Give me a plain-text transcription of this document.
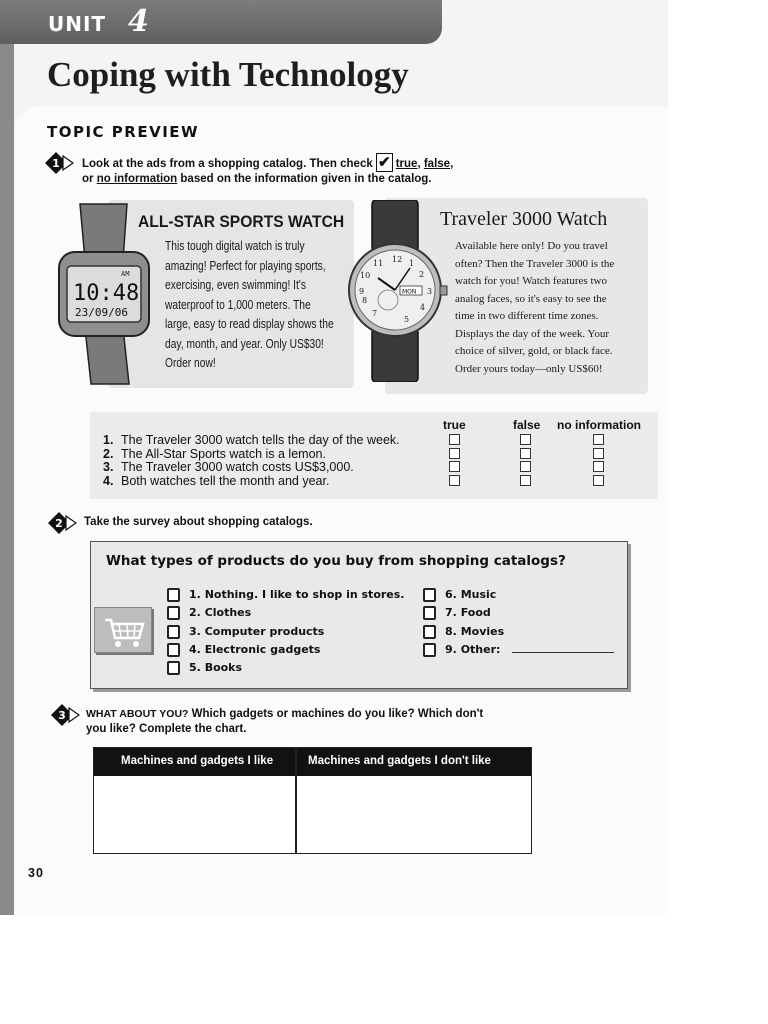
UNIT 4
Coping with Technology
TOPIC PREVIEW
1 Look at the ads from a shopping catalog. Then check ✔ true, false,
or no information based on the information given in the catalog.
AM
10:48
23/09/06
ALL-STAR SPORTS WATCH
This tough digital watch is truly
amazing! Perfect for playing sports,
exercising, even swimming! It's
waterproof to 1,000 meters. The
large, easy to read display shows the
day, month, and year. Only US$30!
Order now!
12 1
2
3
4
5
7
8
9
10
11
MON
Traveler 3000 Watch
Available here only! Do you travel
often? Then the Traveler 3000 is the
watch for you! Watch features two
analog faces, so it's easy to see the
time in two different time zones.
Displays the day of the week. Your
choice of silver, gold, or black face.
Order yours today—only US$60!
true	false no information
1. The Traveler 3000 watch tells the day of the week.
2. The All-Star Sports watch is a lemon.
3. The Traveler 3000 watch costs US$3,000.
4. Both watches tell the month and year.
2 Take the survey about shopping catalogs.
What types of products do you buy from shopping catalogs?
1. Nothing. I like to shop in stores.
2. Clothes
3. Computer products
4. Electronic gadgets
5. Books
6. Music
7. Food
8. Movies
9. Other:
3 WHAT ABOUT YOU? Which gadgets or machines do you like? Which don't
you like? Complete the chart.
Machines and gadgets I like	Machines and gadgets I don't like
30
